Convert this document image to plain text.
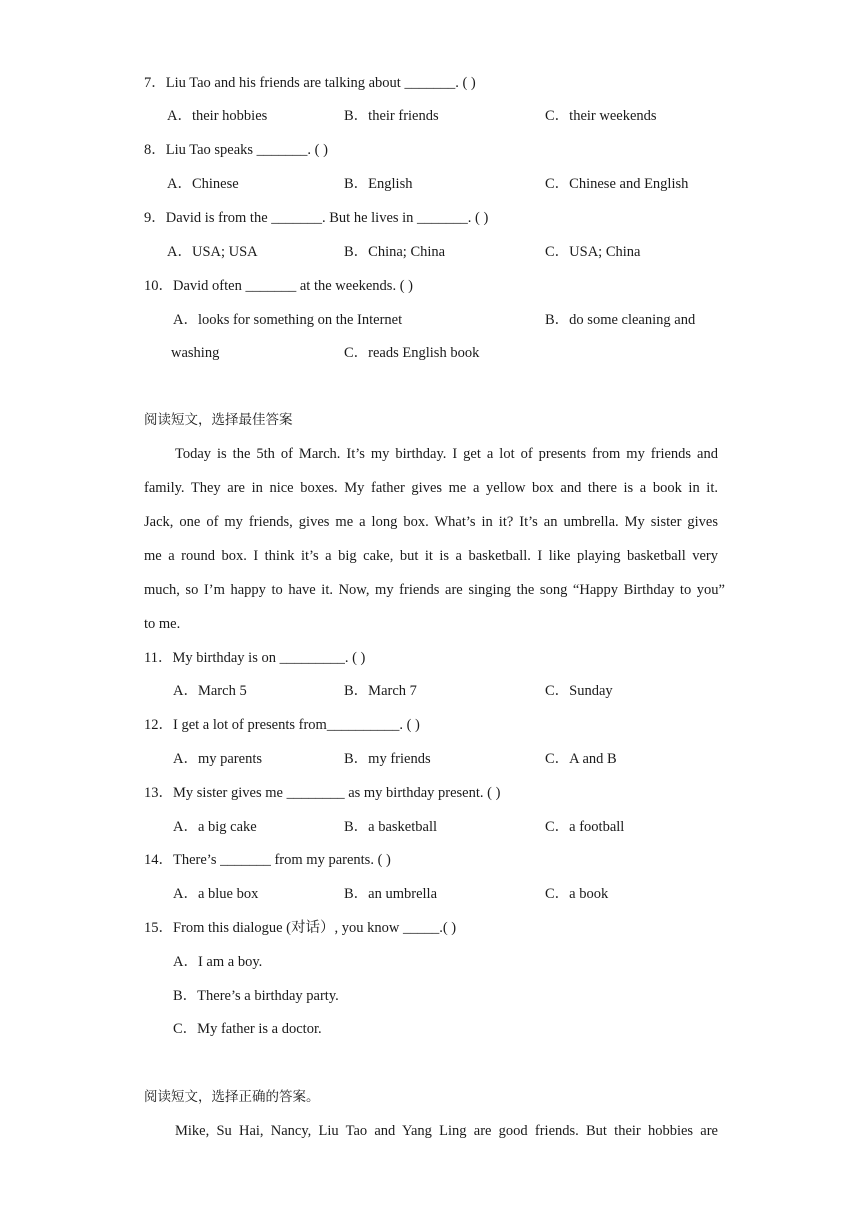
7．Liu Tao and his friends are talking about _______. ( )
A．their hobbies	B．their friends	C．their weekends
8．Liu Tao speaks _______. ( )
A．Chinese	B．English	C．Chinese and English
9．David is from the _______. But he lives in _______. ( )
A．USA; USA	B．China; China	C．USA; China
10．David often _______ at the weekends. ( )
A．looks for something on the Internet	B．do some cleaning and
washing	C．reads English book
阅读短文，选择最佳答案
Today is the 5th of March. It’s my birthday. I get a lot of presents from my friends and
family. They are in nice boxes. My father gives me a yellow box and there is a book in it.
Jack, one of my friends, gives me a long box. What’s in it? It’s an umbrella. My sister gives
me a round box. I think it’s a big cake, but it is a basketball. I like playing basketball very
much, so I’m happy to have it. Now, my friends are singing the song “Happy Birthday to you”
to me.
11．My birthday is on _________. ( )
A．March 5	B．March 7	C．Sunday
12．I get a lot of presents from__________. ( )
A．my parents	B．my friends	C．A and B
13．My sister gives me ________ as my birthday present. ( )
A．a big cake	B．a basketball	C．a football
14．There’s _______ from my parents. ( )
A．a blue box	B．an umbrella	C．a book
15．From this dialogue (对话）, you know _____.( )
A．I am a boy.
B．There’s a birthday party.
C．My father is a doctor.
阅读短文，选择正确的答案。
Mike, Su Hai, Nancy, Liu Tao and Yang Ling are good friends. But their hobbies are
